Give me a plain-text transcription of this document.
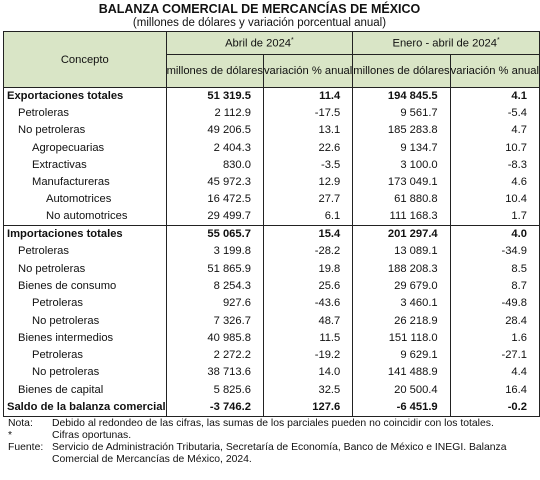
BALANZA COMERCIAL DE MERCANCÍAS DE MÉXICO
(millones de dólares y variación porcentual anual)
Concepto	Abril de 2024*		Enero - abril de 2024*
	millones de dólares	variación % anual	millones de dólares	variación % anual
Exportaciones totales	51 319.5	11.4	194 845.5	4.1
Petroleras	2 112.9	-17.5	9 561.7	-5.4
No petroleras	49 206.5	13.1	185 283.8	4.7
Agropecuarias	2 404.3	22.6	9 134.7	10.7
Extractivas	830.0	-3.5	3 100.0	-8.3
Manufactureras	45 972.3	12.9	173 049.1	4.6
Automotrices	16 472.5	27.7	61 880.8	10.4
No automotrices	29 499.7	6.1	111 168.3	1.7
Importaciones totales	55 065.7	15.4	201 297.4	4.0
Petroleras	3 199.8	-28.2	13 089.1	-34.9
No petroleras	51 865.9	19.8	188 208.3	8.5
Bienes de consumo	8 254.3	25.6	29 679.0	8.7
Petroleras	927.6	-43.6	3 460.1	-49.8
No petroleras	7 326.7	48.7	26 218.9	28.4
Bienes intermedios	40 985.8	11.5	151 118.0	1.6
Petroleras	2 272.2	-19.2	9 629.1	-27.1
No petroleras	38 713.6	14.0	141 488.9	4.4
Bienes de capital	5 825.6	32.5	20 500.4	16.4
Saldo de la balanza comercial	-3 746.2	127.6	-6 451.9	-0.2
Nota:	Debido al redondeo de las cifras, las sumas de los parciales pueden no coincidir con los totales.
*	Cifras oportunas.
Fuente: Servicio de Administración Tributaria, Secretaría de Economía, Banco de México e INEGI. Balanza Comercial de Mercancías de México, 2024.
